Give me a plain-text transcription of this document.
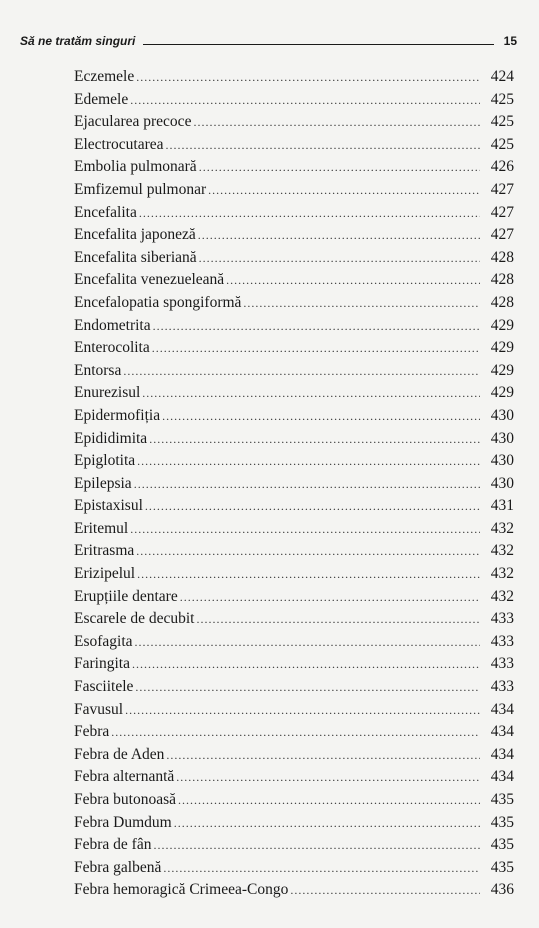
Să ne tratăm singuri	15
Eczemele .....	424
Edemele .....	425
Ejacularea precoce .....	425
Electrocutarea .....	425
Embolia pulmonară .....	426
Emfizemul pulmonar .....	427
Encefalita .....	427
Encefalita japoneză .....	427
Encefalita siberiană .....	428
Encefalita venezueleană .....	428
Encefalopatia spongiformă .....	428
Endometrita .....	429
Enterocolita .....	429
Entorsa .....	429
Enurezisul .....	429
Epidermofiția .....	430
Epididimita .....	430
Epiglotita .....	430
Epilepsia .....	430
Epistaxisul .....	431
Eritemul .....	432
Eritrasma .....	432
Erizipelul .....	432
Erupțiile dentare .....	432
Escarele de decubit .....	433
Esofagita .....	433
Faringita .....	433
Fasciitele .....	433
Favusul .....	434
Febra .....	434
Febra de Aden .....	434
Febra alternantă .....	434
Febra butonoasă .....	435
Febra Dumdum .....	435
Febra de fân .....	435
Febra galbenă .....	435
Febra hemoragică Crimeea-Congo .....	436
